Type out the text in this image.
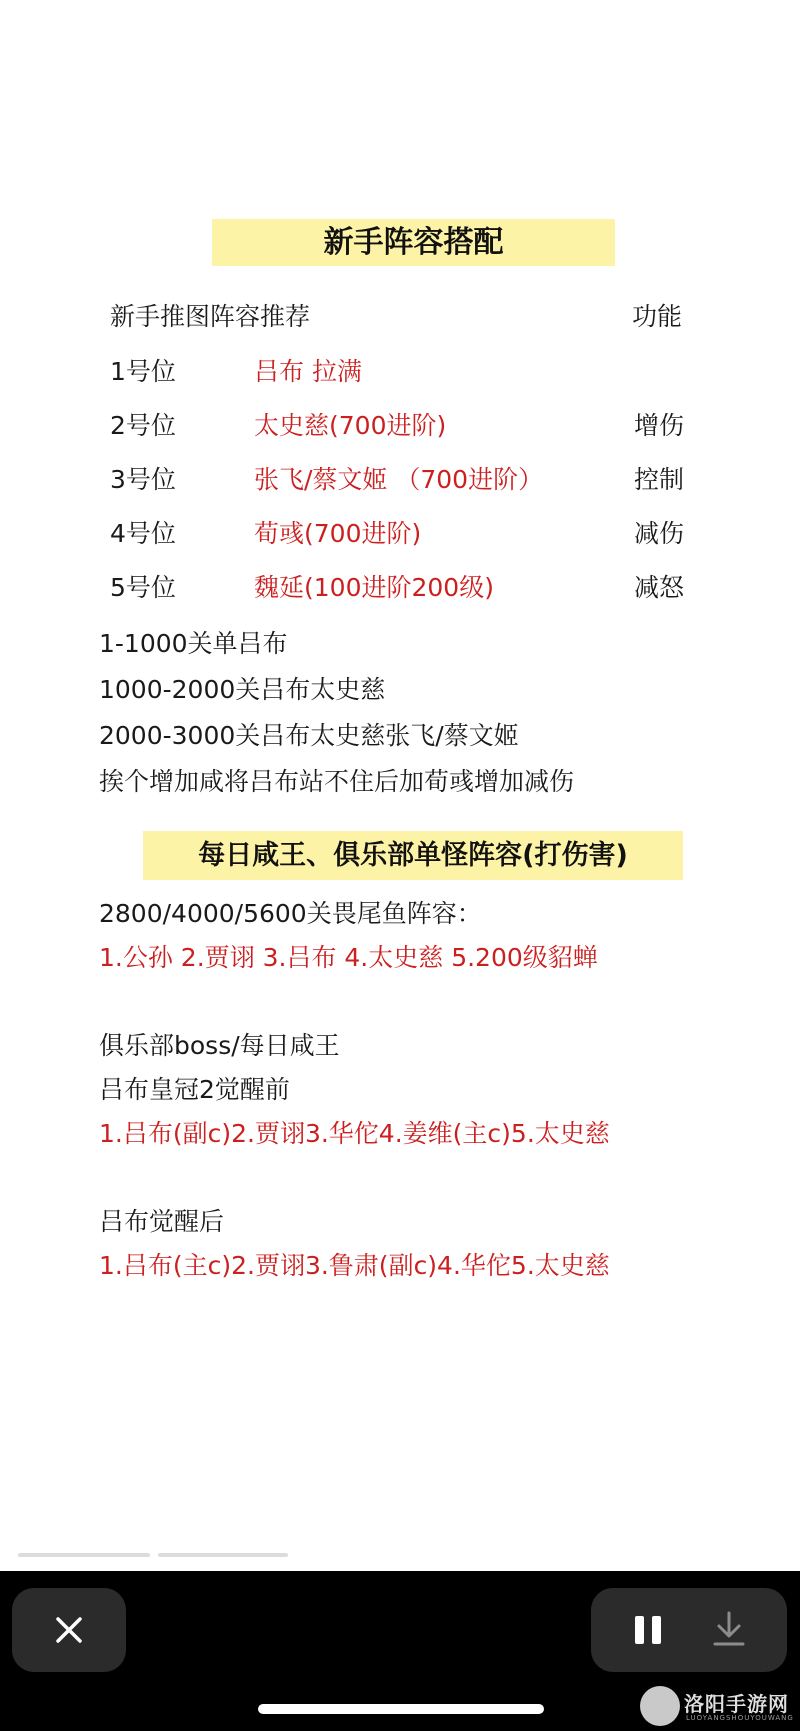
新手阵容搭配
新手推图阵容推荐	功能
1号位	吕布 拉满
2号位	太史慈(700进阶)	增伤
3号位	张飞/蔡文姬 （700进阶）	控制
4号位	荀彧(700进阶)	减伤
5号位	魏延(100进阶200级)	减怒
1-1000关单吕布
1000-2000关吕布太史慈
2000-3000关吕布太史慈张飞/蔡文姬
挨个增加咸将吕布站不住后加荀彧增加减伤
每日咸王、俱乐部单怪阵容(打伤害)
2800/4000/5600关畏尾鱼阵容：
1.公孙 2.贾诩 3.吕布 4.太史慈 5.200级貂蝉
俱乐部boss/每日咸王
吕布皇冠2觉醒前
1.吕布(副c)2.贾诩3.华佗4.姜维(主c)5.太史慈
吕布觉醒后
1.吕布(主c)2.贾诩3.鲁肃(副c)4.华佗5.太史慈
洛阳手游网
LUOYANGSHOUYOUWANG
